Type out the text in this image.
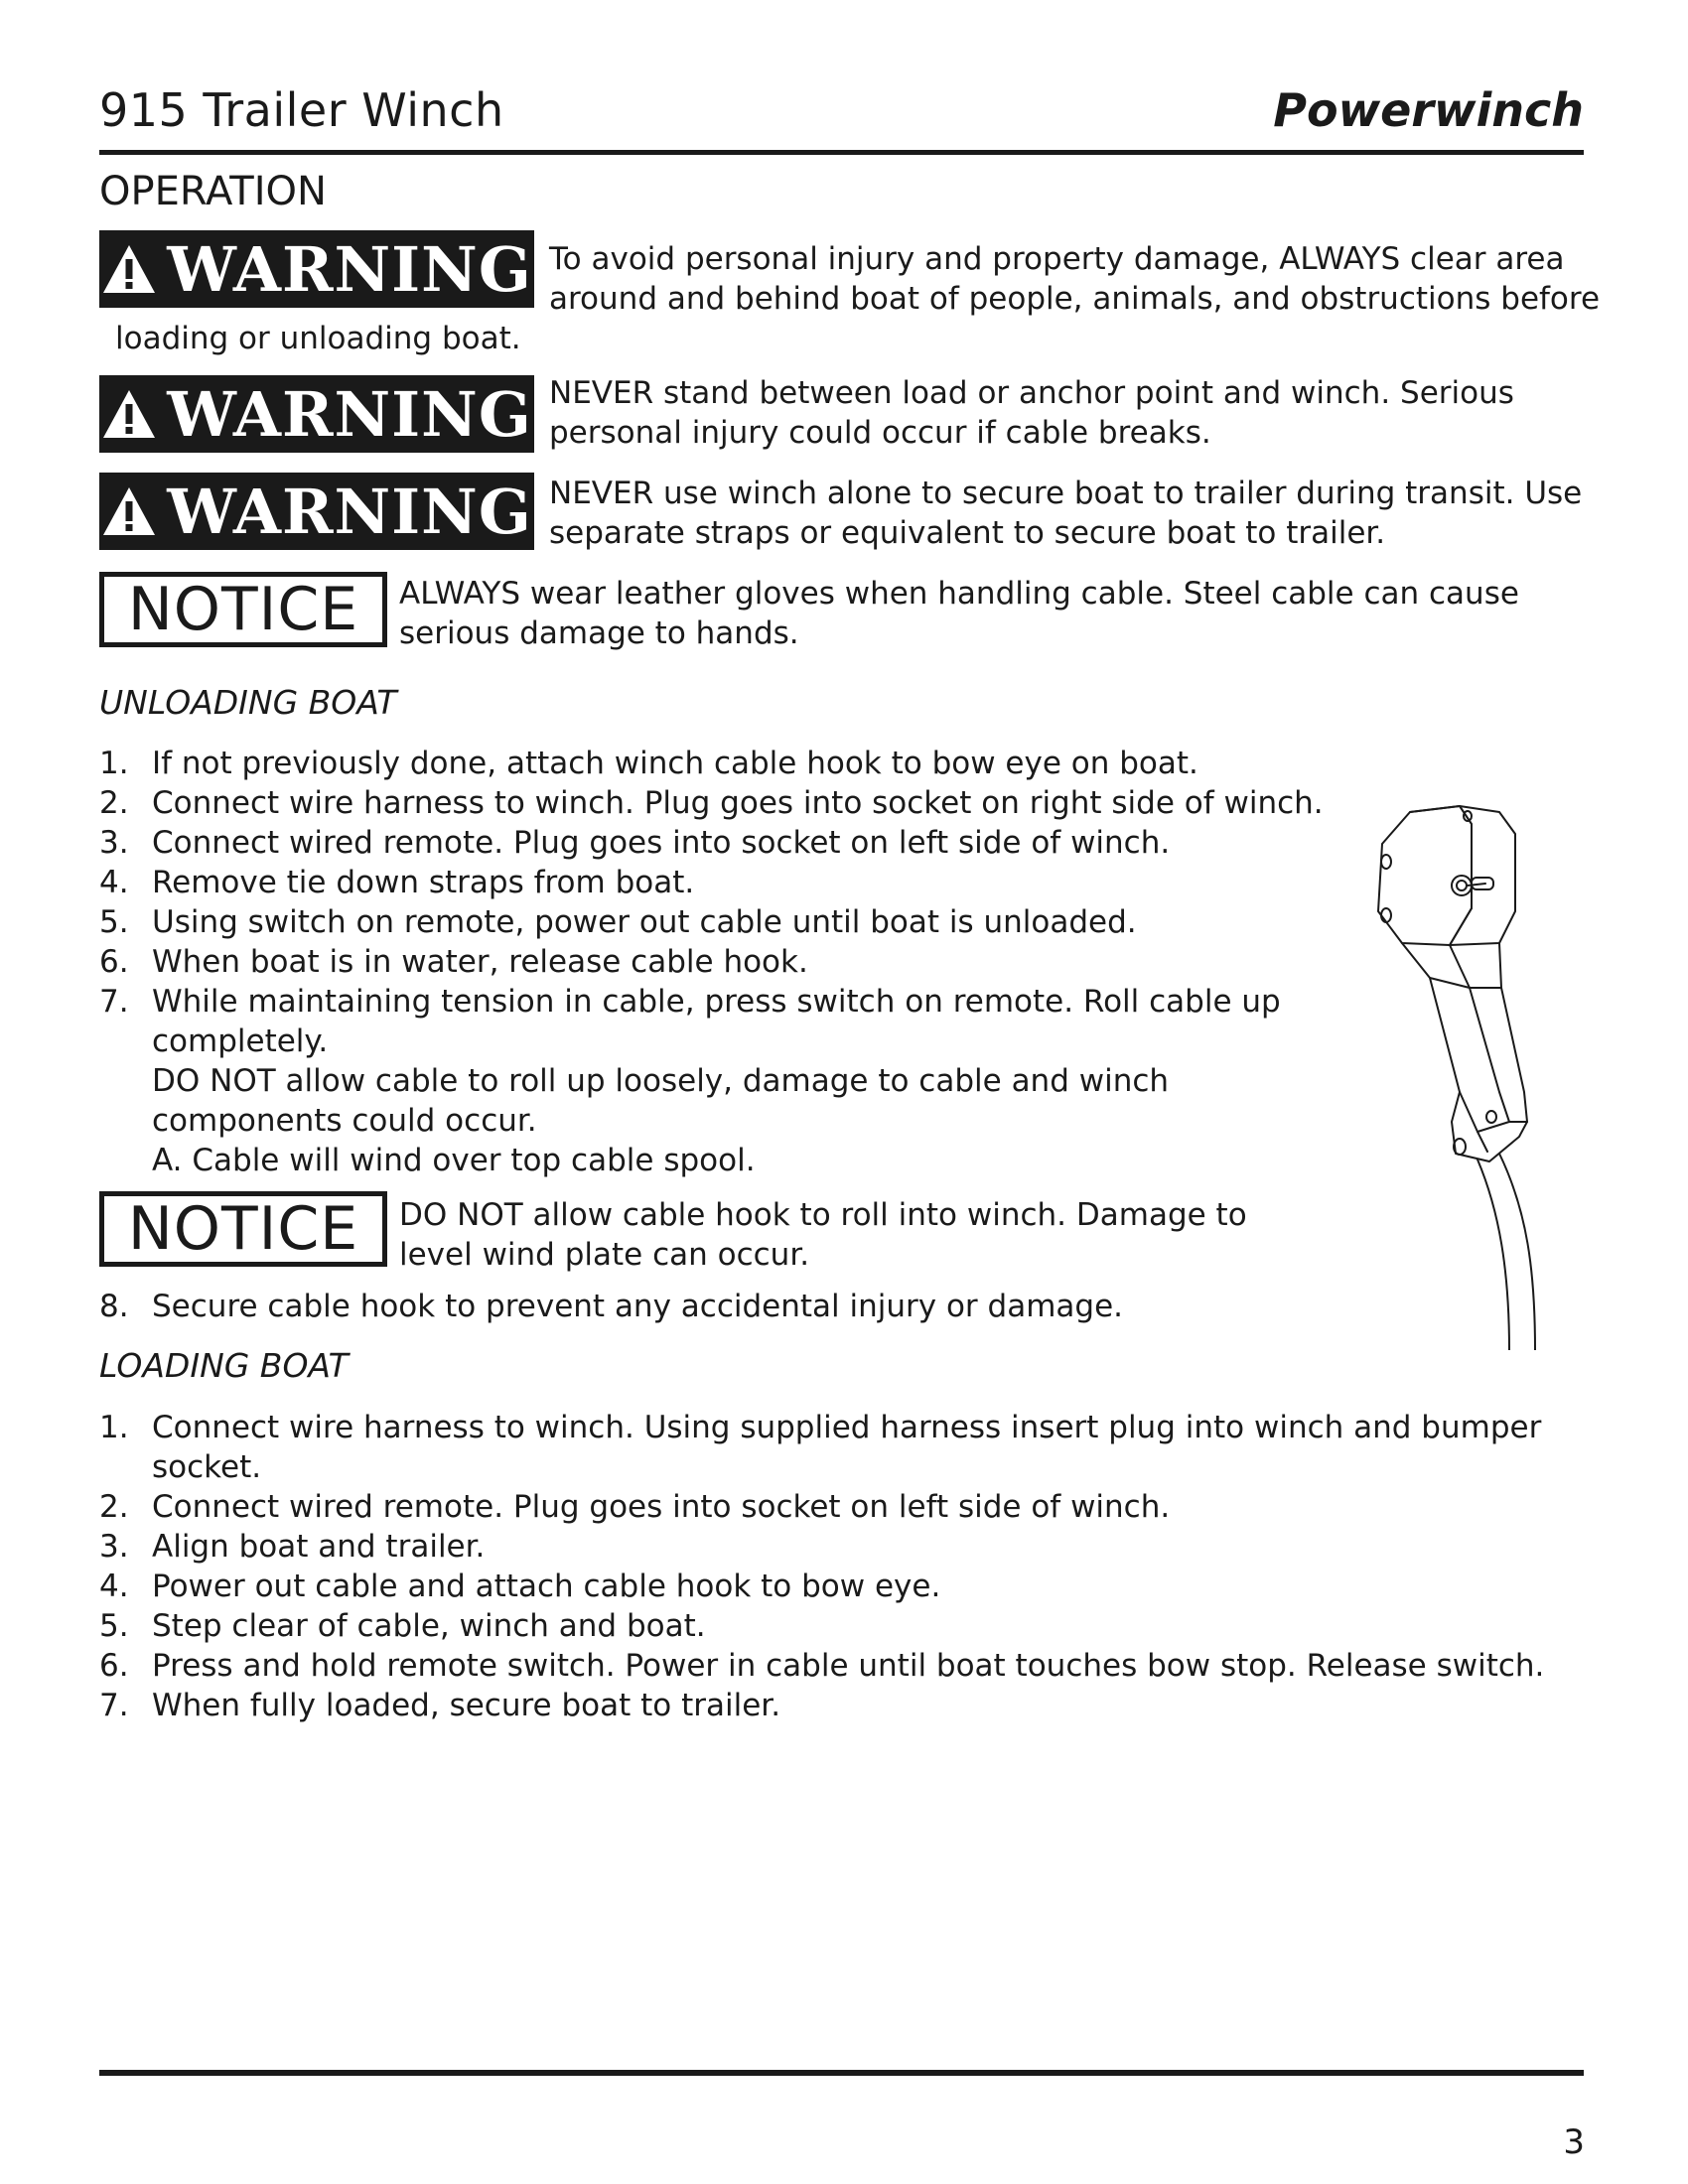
915 Trailer Winch	Powerwinch
OPERATION
WARNING To avoid personal injury and property damage, ALWAYS clear area
around and behind boat of people, animals, and obstructions before
loading or unloading boat.
WARNING NEVER stand between load or anchor point and winch. Serious
personal injury could occur if cable breaks.
WARNING NEVER use winch alone to secure boat to trailer during transit. Use
separate straps or equivalent to secure boat to trailer.
NOTICE ALWAYS wear leather gloves when handling cable. Steel cable can cause
serious damage to hands.
UNLOADING BOAT
1. If not previously done, attach winch cable hook to bow eye on boat.
2. Connect wire harness to winch. Plug goes into socket on right side of winch.
3. Connect wired remote. Plug goes into socket on left side of winch.
4. Remove tie down straps from boat.
5. Using switch on remote, power out cable until boat is unloaded.
6. When boat is in water, release cable hook.
7. While maintaining tension in cable, press switch on remote. Roll cable up
completely.
DO NOT allow cable to roll up loosely, damage to cable and winch
components could occur.
A. Cable will wind over top cable spool.
NOTICE DO NOT allow cable hook to roll into winch. Damage to
level wind plate can occur.
8. Secure cable hook to prevent any accidental injury or damage.
LOADING BOAT
1. Connect wire harness to winch. Using supplied harness insert plug into winch and bumper
socket.
2. Connect wired remote. Plug goes into socket on left side of winch.
3. Align boat and trailer.
4. Power out cable and attach cable hook to bow eye.
5. Step clear of cable, winch and boat.
6. Press and hold remote switch. Power in cable until boat touches bow stop. Release switch.
7. When fully loaded, secure boat to trailer.
3
